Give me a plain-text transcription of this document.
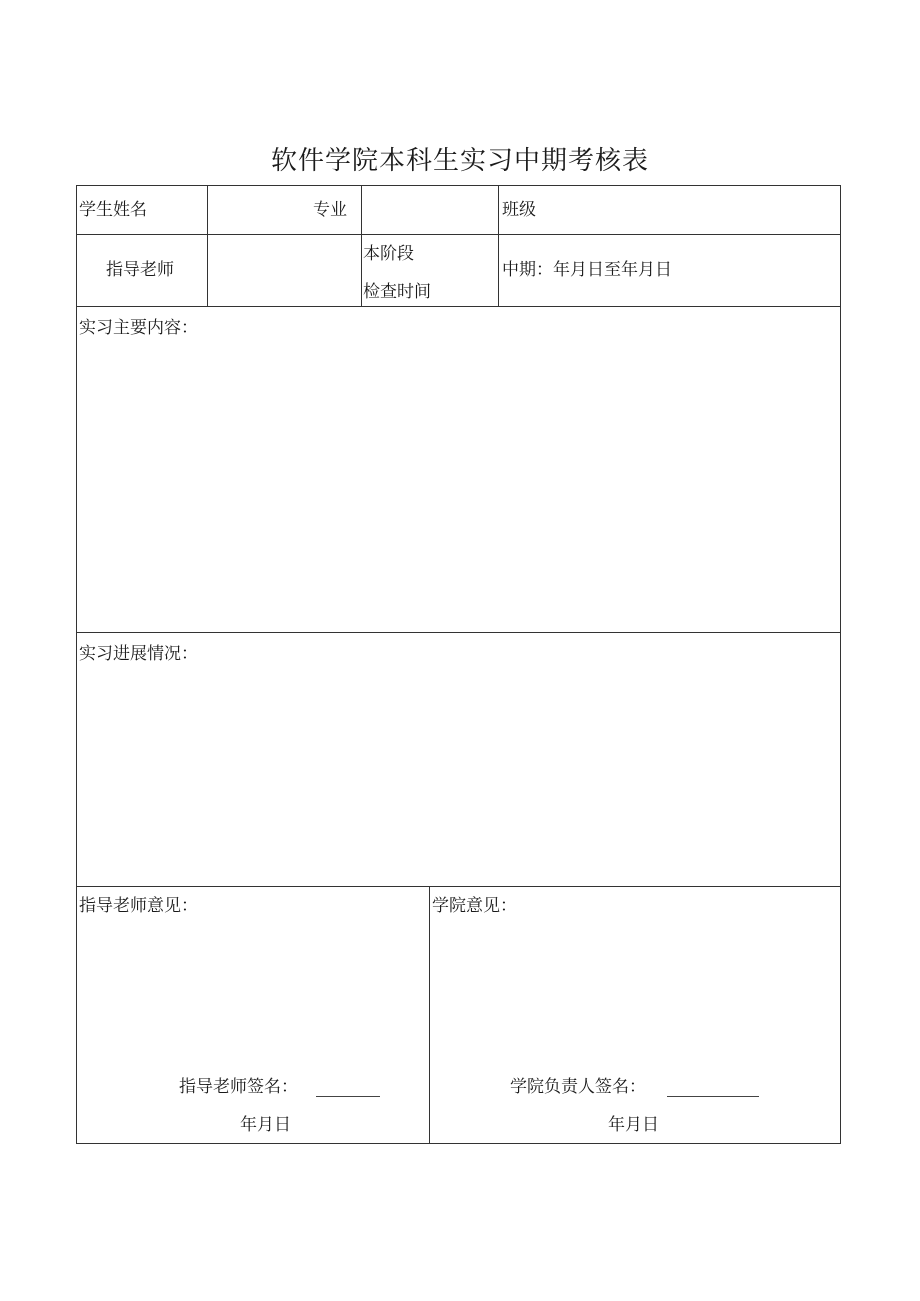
软件学院本科生实习中期考核表
学生姓名	专业	班级
指导老师
本阶段
检查时间
中期：年月日至年月日
实习主要内容：
实习进展情况：
指导老师意见：
指导老师签名：
年月日
学院意见：
学院负责人签名：
年月日
